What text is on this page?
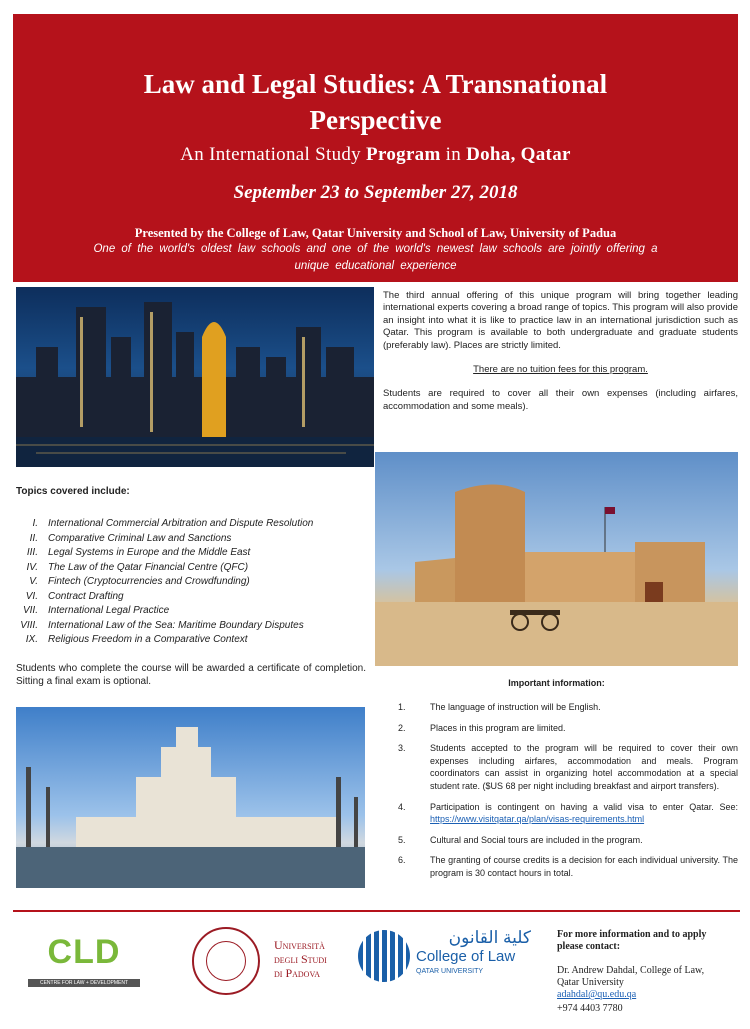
Law and Legal Studies: A Transnational
Perspective
An International Study Program in Doha, Qatar
September 23 to September 27, 2018
Presented by the College of Law, Qatar University and School of Law, University of Padua
One of the world's oldest law schools and one of the world's newest law schools are jointly offering a
unique educational experience

The third annual offering of this unique program will bring together leading international experts covering a broad range of topics. This program will also provide an insight into what it is like to practice law in an international jurisdiction such as Qatar. This program is available to both undergraduate and graduate students (preferably law). Places are strictly limited.

There are no tuition fees for this program.

Students are required to cover all their own expenses (including airfares, accommodation and some meals).

Topics covered include:
I. International Commercial Arbitration and Dispute Resolution
II. Comparative Criminal Law and Sanctions
III. Legal Systems in Europe and the Middle East
IV. The Law of the Qatar Financial Centre (QFC)
V. Fintech (Cryptocurrencies and Crowdfunding)
VI. Contract Drafting
VII. International Legal Practice
VIII. International Law of the Sea: Maritime Boundary Disputes
IX. Religious Freedom in a Comparative Context

Students who complete the course will be awarded a certificate of completion. Sitting a final exam is optional.	Important information:
1.	The language of instruction will be English.
2.	Places in this program are limited.
3.	Students accepted to the program will be required to cover their own expenses including airfares, accommodation and meals. Program coordinators can assist in organizing hotel accommodation at a special student rate. ($US 68 per night including breakfast and airport transfers).
4.	Participation is contingent on having a valid visa to enter Qatar. See: https://www.visitqatar.qa/plan/visas-requirements.html
5.	Cultural and Social tours are included in the program.
6.	The granting of course credits is a decision for each individual university. The program is 30 contact hours in total.
CLD
CENTRE FOR LAW + DEVELOPMENT
Università
degli Studi
di Padova
كلية القانون
College of Law
QATAR UNIVERSITY
For more information and to apply please contact:
Dr. Andrew Dahdal, College of Law, Qatar University
adahdal@qu.edu.qa
+974 4403 7780
